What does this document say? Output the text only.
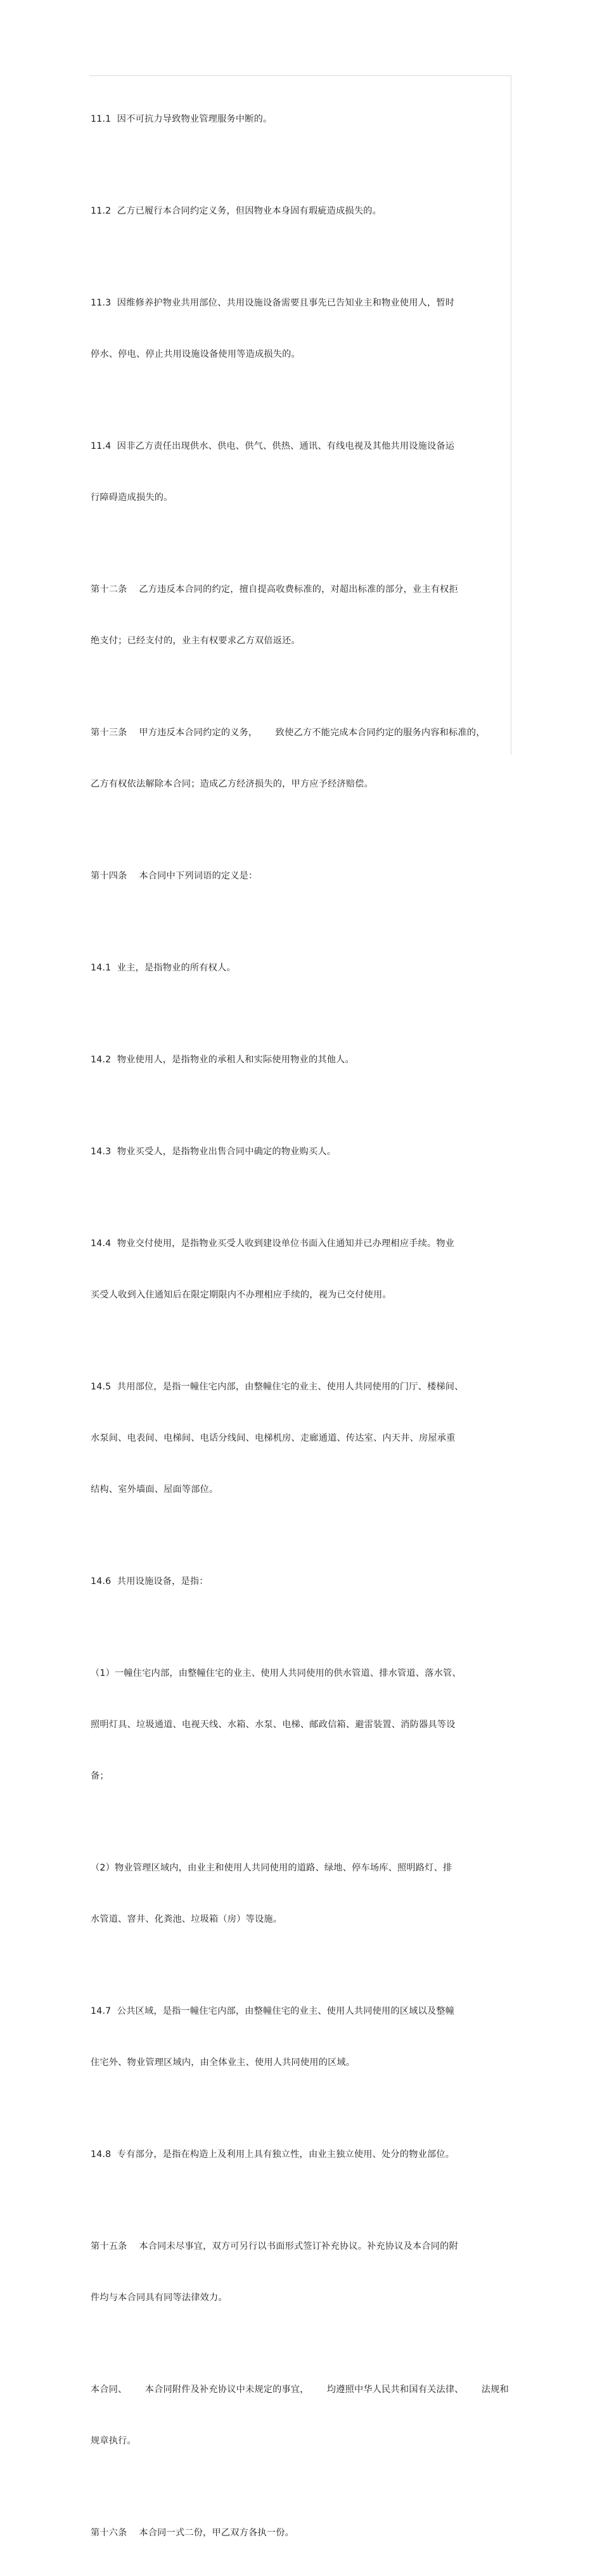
11.1  因不可抗力导致物业管理服务中断的。

11.2  乙方已履行本合同约定义务，但因物业本身固有瑕疵造成损失的。

11.3  因维修养护物业共用部位、共用设施设备需要且事先已告知业主和物业使用人，暂时

停水、停电、停止共用设施设备使用等造成损失的。

11.4  因非乙方责任出现供水、供电、供气、供热、通讯、有线电视及其他共用设施设备运

行障碍造成损失的。

第十二条    乙方违反本合同的约定，擅自提高收费标准的，对超出标准的部分，业主有权拒

绝支付；已经支付的，业主有权要求乙方双倍返还。

第十三条    甲方违反本合同约定的义务，      致使乙方不能完成本合同约定的服务内容和标准的，

乙方有权依法解除本合同；造成乙方经济损失的，甲方应予经济赔偿。

第十四条    本合同中下列词语的定义是：

14.1  业主，是指物业的所有权人。

14.2  物业使用人，是指物业的承租人和实际使用物业的其他人。

14.3  物业买受人，是指物业出售合同中确定的物业购买人。

14.4  物业交付使用，是指物业买受人收到建设单位书面入住通知并已办理相应手续。物业

买受人收到入住通知后在限定期限内不办理相应手续的，视为已交付使用。

14.5  共用部位，是指一幢住宅内部，由整幢住宅的业主、使用人共同使用的门厅、楼梯间、

水泵间、电表间、电梯间、电话分线间、电梯机房、走廊通道、传达室、内天井、房屋承重

结构、室外墙面、屋面等部位。

14.6  共用设施设备，是指：

（1）一幢住宅内部，由整幢住宅的业主、使用人共同使用的供水管道、排水管道、落水管、

照明灯具、垃圾通道、电视天线、水箱、水泵、电梯、邮政信箱、避雷装置、消防器具等设

备；

（2）物业管理区域内，由业主和使用人共同使用的道路、绿地、停车场库、照明路灯、排

水管道、窨井、化粪池、垃圾箱（房）等设施。

14.7  公共区域，是指一幢住宅内部，由整幢住宅的业主、使用人共同使用的区域以及整幢

住宅外、物业管理区域内，由全体业主、使用人共同使用的区域。

14.8  专有部分，是指在构造上及利用上具有独立性，由业主独立使用、处分的物业部位。

第十五条    本合同未尽事宜，双方可另行以书面形式签订补充协议。补充协议及本合同的附

件均与本合同具有同等法律效力。

本合同、 本合同附件及补充协议中未规定的事宜， 均遵照中华人民共和国有关法律、 法规和

规章执行。

第十六条    本合同一式二份，甲乙双方各执一份。
